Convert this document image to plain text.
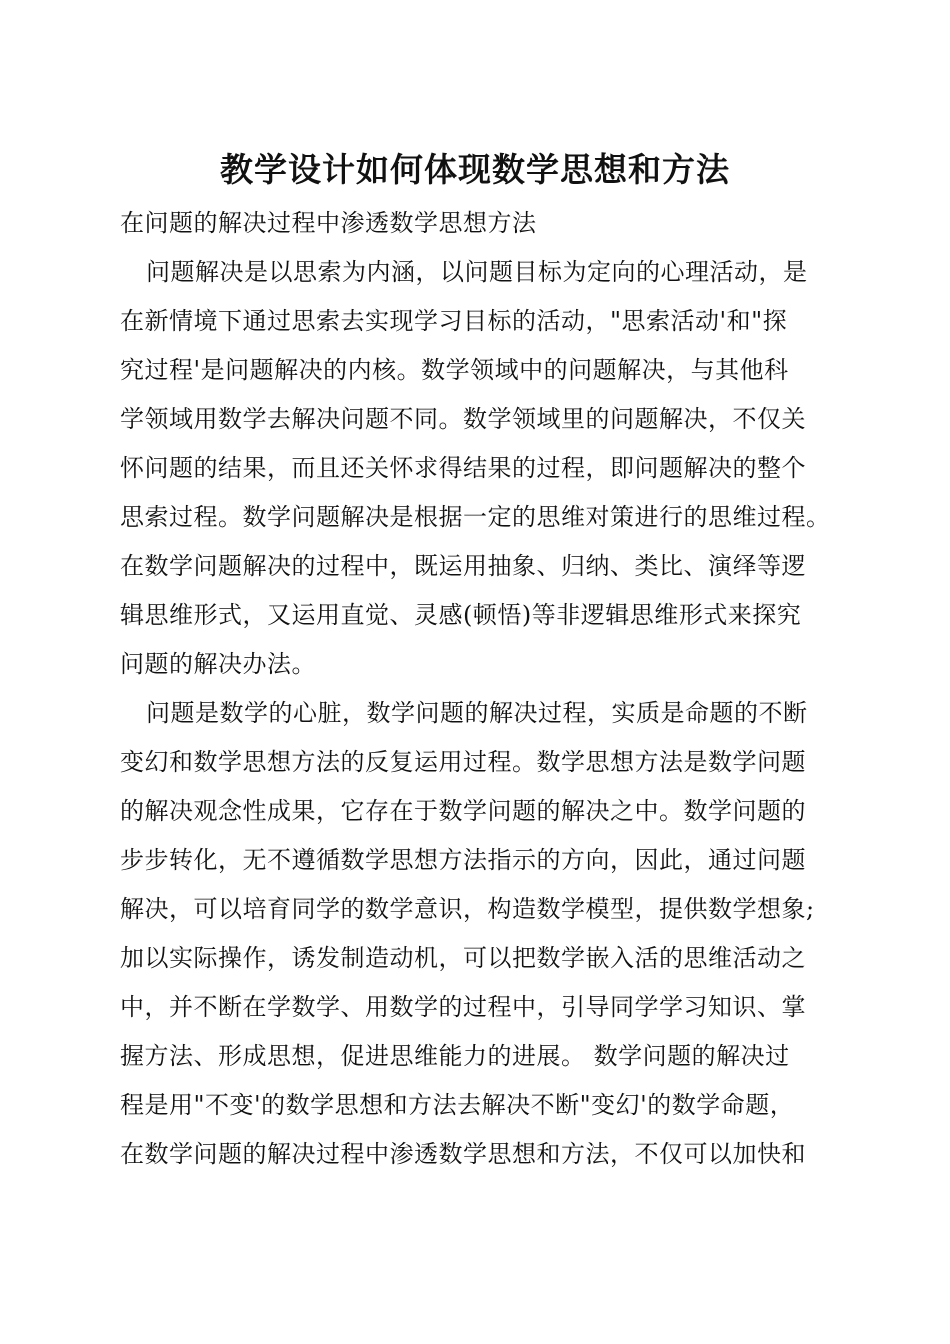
教学设计如何体现数学思想和方法
在问题的解决过程中渗透数学思想方法
问题解决是以思索为内涵，以问题目标为定向的心理活动，是
在新情境下通过思索去实现学习目标的活动，"思索活动'和"探
究过程'是问题解决的内核。数学领域中的问题解决，与其他科
学领域用数学去解决问题不同。数学领域里的问题解决，不仅关
怀问题的结果，而且还关怀求得结果的过程，即问题解决的整个
思索过程。数学问题解决是根据一定的思维对策进行的思维过程。
在数学问题解决的过程中，既运用抽象、归纳、类比、演绎等逻
辑思维形式，又运用直觉、灵感(顿悟)等非逻辑思维形式来探究
问题的解决办法。
问题是数学的心脏，数学问题的解决过程，实质是命题的不断
变幻和数学思想方法的反复运用过程。数学思想方法是数学问题
的解决观念性成果，它存在于数学问题的解决之中。数学问题的
步步转化，无不遵循数学思想方法指示的方向，因此，通过问题
解决，可以培育同学的数学意识，构造数学模型，提供数学想象;
加以实际操作，诱发制造动机，可以把数学嵌入活的思维活动之
中，并不断在学数学、用数学的过程中，引导同学学习知识、掌
握方法、形成思想，促进思维能力的进展。 数学问题的解决过
程是用"不变'的数学思想和方法去解决不断"变幻'的数学命题，
在数学问题的解决过程中渗透数学思想和方法，不仅可以加快和
